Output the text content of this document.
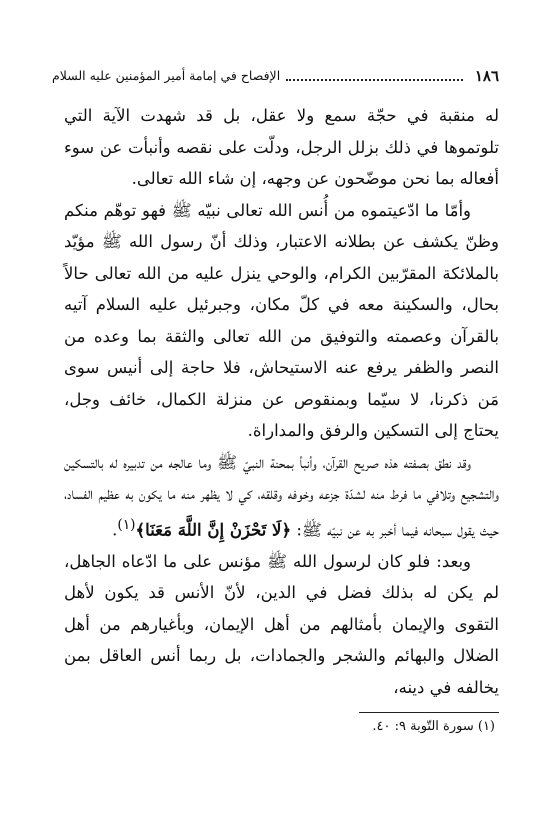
١٨٦
الإفصاح في إمامة أمير المؤمنين عليه السلام

له منقبة في حجّة سمع ولا عقل، بل قد شهدت الآية التي تلوتموها في ذلك بزلل الرجل، ودلّت على نقصه وأنبأت عن سوء أفعاله بما نحن موضّحون عن وجهه، إن شاء الله تعالى.

وأمّا ما ادّعيتموه من أُنس الله تعالى نبيّه ﷺ فهو توهّم منكم وظنّ يكشف عن بطلانه الاعتبار، وذلك أنّ رسول الله ﷺ مؤيّد بالملائكة المقرّبين الكرام، والوحي ينزل عليه من الله تعالى حالاً بحال، والسكينة معه في كلّ مكان، وجبرئيل عليه السلام آتيه بالقرآن وعصمته والتوفيق من الله تعالى والثقة بما وعده من النصر والظفر يرفع عنه الاستيحاش، فلا حاجة إلى أنيس سوى مَن ذكرنا، لا سيّما وبمنقوص عن منزلة الكمال، خائف وجل، يحتاج إلى التسكين والرفق والمداراة.

وقد نطق بصفته هذه صريح القرآن، وأنبأ بمحنة النبيّ ﷺ وما عالجه من تدبيره له بالتسكين والتشجيع وتلافي ما فرط منه لشدّة جزعه وخوفه وقلقه، كي لا يظهر منه ما يكون به عظيم الفساد، حيث يقول سبحانه فيما أخبر به عن نبيّه ﷺ: ﴿لَا تَحْزَنْ إِنَّ اللَّهَ مَعَنَا﴾$^{(١)}$.

وبعد: فلو كان لرسول الله ﷺ مؤنس على ما ادّعاه الجاهل، لم يكن له بذلك فضل في الدين، لأنّ الأنس قد يكون لأهل التقوى والإيمان بأمثالهم من أهل الإيمان، وبأغيارهم من أهل الضلال والبهائم والشجر والجمادات، بل ربما أنس العاقل بمن يخالفه في دينه،

(١) سورة التّوبة ٩: ٤٠.
